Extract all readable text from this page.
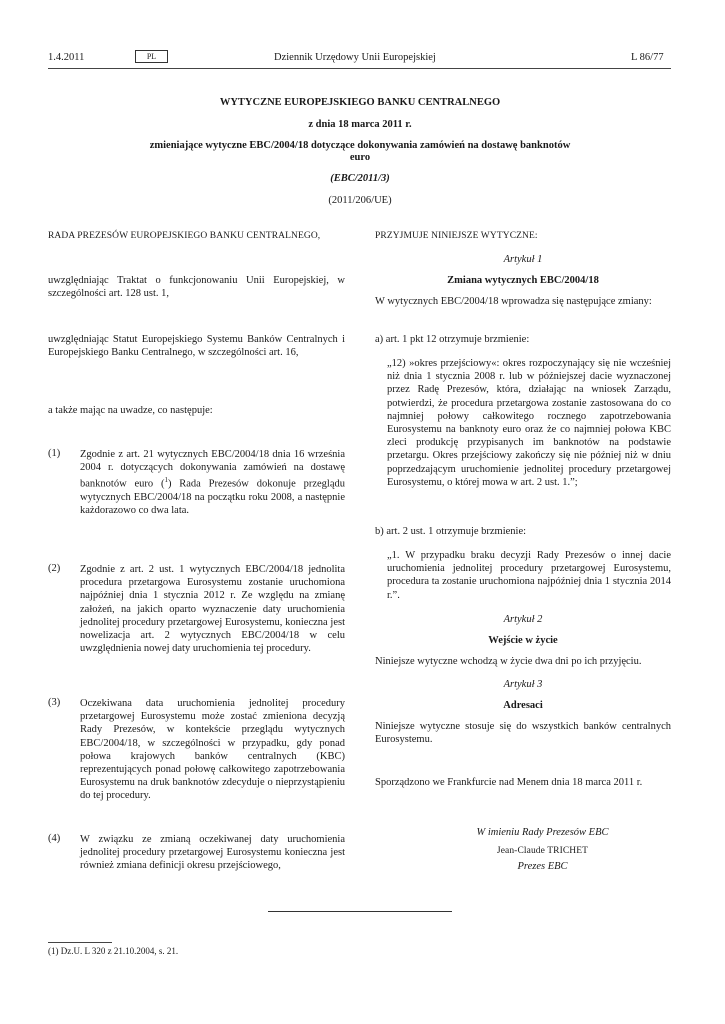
1.4.2011	PL	Dziennik Urzędowy Unii Europejskiej	L 86/77
WYTYCZNE EUROPEJSKIEGO BANKU CENTRALNEGO
z dnia 18 marca 2011 r.
zmieniające wytyczne EBC/2004/18 dotyczące dokonywania zamówień na dostawę banknotów
euro
(EBC/2011/3)
(2011/206/UE)
RADA PREZESÓW EUROPEJSKIEGO BANKU CENTRALNEGO,

uwzględniając Traktat o funkcjonowaniu Unii Europejskiej, w szczególności art. 128 ust. 1,

uwzględniając Statut Europejskiego Systemu Banków Centralnych i Europejskiego Banku Centralnego, w szczególności art. 16,

a także mając na uwadze, co następuje:

(1) Zgodnie z art. 21 wytycznych EBC/2004/18 dnia 16 września 2004 r. dotyczących dokonywania zamówień na dostawę banknotów euro ($^1$) Rada Prezesów dokonuje przeglądu wytycznych EBC/2004/18 na początku roku 2008, a następnie każdorazowo co dwa lata.

(2) Zgodnie z art. 2 ust. 1 wytycznych EBC/2004/18 jednolita procedura przetargowa Eurosystemu zostanie uruchomiona najpóźniej dnia 1 stycznia 2012 r. Ze względu na zmianę założeń, na jakich oparto wyznaczenie daty uruchomienia jednolitej procedury przetargowej Eurosystemu, konieczna jest nowelizacja art. 2 wytycznych EBC/2004/18 w celu uwzględnienia nowej daty uruchomienia tej procedury.

(3) Oczekiwana data uruchomienia jednolitej procedury przetargowej Eurosystemu może zostać zmieniona decyzją Rady Prezesów, w kontekście przeglądu wytycznych EBC/2004/18, w szczególności w przypadku, gdy ponad połowa krajowych banków centralnych (KBC) reprezentujących ponad połowę całkowitego zapotrzebowania Eurosystemu na druk banknotów zdecyduje o nieprzystąpieniu do tej procedury.

(4) W związku ze zmianą oczekiwanej daty uruchomienia jednolitej procedury przetargowej Eurosystemu konieczna jest również zmiana definicji okresu przejściowego,

PRZYJMUJE NINIEJSZE WYTYCZNE:
Artykuł 1
Zmiana wytycznych EBC/2004/18

W wytycznych EBC/2004/18 wprowadza się następujące zmiany:

a) art. 1 pkt 12 otrzymuje brzmienie:

„12) »okres przejściowy«: okres rozpoczynający się nie wcześniej niż dnia 1 stycznia 2008 r. lub w późniejszej dacie wyznaczonej przez Radę Prezesów, która, działając na wniosek Zarządu, potwierdzi, że procedura przetargowa zostanie zastosowana do co najmniej połowy całkowitego rocznego zapotrzebowania Eurosystemu na banknoty euro oraz że co najmniej połowa KBC zleci produkcję przypisanych im banknotów na podstawie przetargu. Okres przejściowy zakończy się nie później niż w dniu poprzedzającym uruchomienie jednolitej procedury przetargowej Eurosystemu, o której mowa w art. 2 ust. 1.”;

b) art. 2 ust. 1 otrzymuje brzmienie:

„1. W przypadku braku decyzji Rady Prezesów o innej dacie uruchomienia jednolitej procedury przetargowej Eurosystemu, procedura ta zostanie uruchomiona najpóźniej dnia 1 stycznia 2014 r.”.

Artykuł 2
Wejście w życie

Niniejsze wytyczne wchodzą w życie dwa dni po ich przyjęciu.

Artykuł 3
Adresaci

Niniejsze wytyczne stosuje się do wszystkich banków centralnych Eurosystemu.

Sporządzono we Frankfurcie nad Menem dnia 18 marca 2011 r.

W imieniu Rady Prezesów EBC
Jean-Claude TRICHET
Prezes EBC
(1) Dz.U. L 320 z 21.10.2004, s. 21.
